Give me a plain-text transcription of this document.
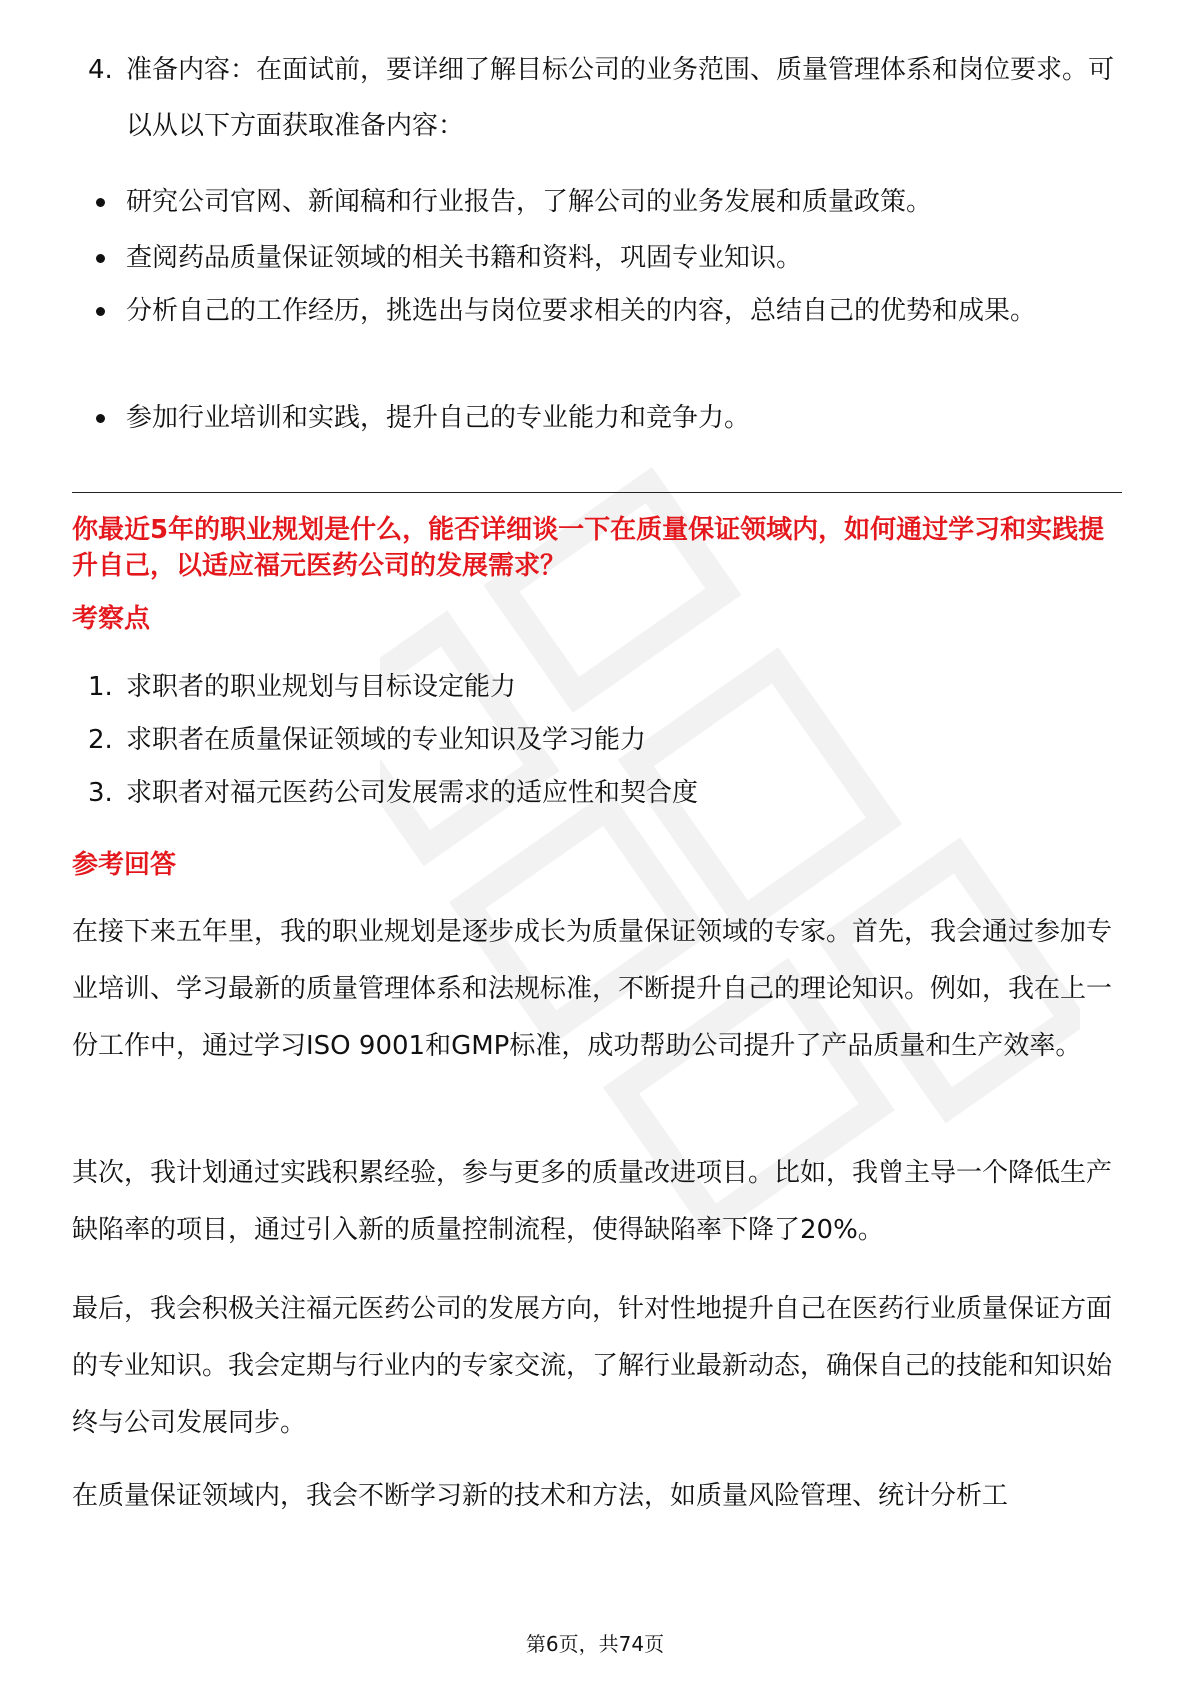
4. 准备内容：在面试前，要详细了解目标公司的业务范围、质量管理体系和岗位要求。可以从以下方面获取准备内容：
研究公司官网、新闻稿和行业报告，了解公司的业务发展和质量政策。
查阅药品质量保证领域的相关书籍和资料，巩固专业知识。
分析自己的工作经历，挑选出与岗位要求相关的内容，总结自己的优势和成果。
参加行业培训和实践，提升自己的专业能力和竞争力。
你最近5年的职业规划是什么，能否详细谈一下在质量保证领域内，如何通过学习和实践提升自己，以适应福元医药公司的发展需求？
考察点
1. 求职者的职业规划与目标设定能力
2. 求职者在质量保证领域的专业知识及学习能力
3. 求职者对福元医药公司发展需求的适应性和契合度
参考回答
在接下来五年里，我的职业规划是逐步成长为质量保证领域的专家。首先，我会通过参加专业培训、学习最新的质量管理体系和法规标准，不断提升自己的理论知识。例如，我在上一份工作中，通过学习ISO 9001和GMP标准，成功帮助公司提升了产品质量和生产效率。
其次，我计划通过实践积累经验，参与更多的质量改进项目。比如，我曾主导一个降低生产缺陷率的项目，通过引入新的质量控制流程，使得缺陷率下降了20%。
最后，我会积极关注福元医药公司的发展方向，针对性地提升自己在医药行业质量保证方面的专业知识。我会定期与行业内的专家交流，了解行业最新动态，确保自己的技能和知识始终与公司发展同步。
在质量保证领域内，我会不断学习新的技术和方法，如质量风险管理、统计分析工
第6页，共74页
